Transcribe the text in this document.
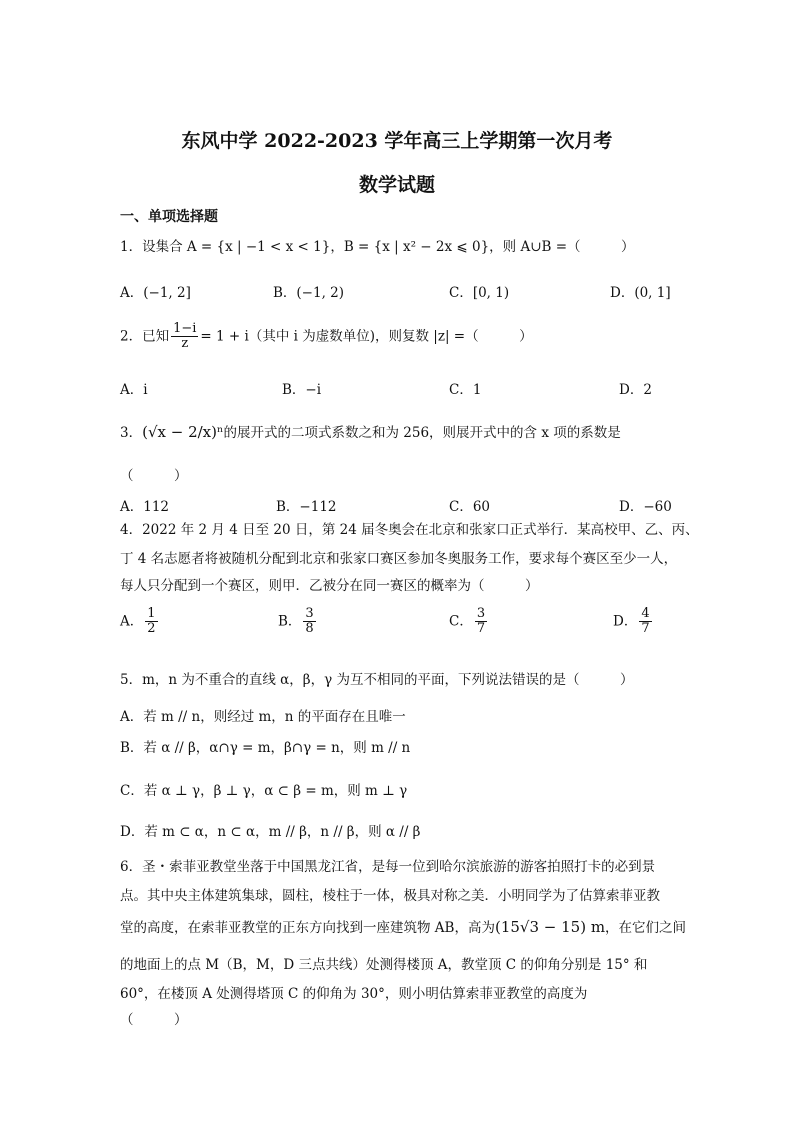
东风中学 2022-2023 学年高三上学期第一次月考
数学试题
一、单项选择题
1．设集合 A = {x | −1 < x < 1}，B = {x | x² − 2x ⩽ 0}，则 A∪B =（　　　）
A．(−1, 2]	B．(−1, 2)	C．[0, 1)	D．(0, 1]
2．已知 $\frac{1-i}{z} = 1 + i$（其中 i 为虚数单位)，则复数 |z| =（　　　）
A．i	B．−i	C．1	D．2
3．(√x − 2/x)ⁿ的展开式的二项式系数之和为 256，则展开式中的含 x 项的系数是
（　　　）
A．112	B．−112	C．60	D．−60
4．2022 年 2 月 4 日至 20 日，第 24 届冬奥会在北京和张家口正式举行．某高校甲、乙、丙、
丁 4 名志愿者将被随机分配到北京和张家口赛区参加冬奥服务工作，要求每个赛区至少一人，
每人只分配到一个赛区，则甲．乙被分在同一赛区的概率为（　　　）
A． $\frac{1}{2}$	B． $\frac{3}{8}$	C． $\frac{3}{7}$	D． $\frac{4}{7}$
5．m，n 为不重合的直线 α，β，γ 为互不相同的平面，下列说法错误的是（　　　）
A．若 m // n，则经过 m，n 的平面存在且唯一
B．若 α // β，α∩γ = m，β∩γ = n，则 m // n
C．若 α ⊥ γ，β ⊥ γ，α ⊂ β = m，则 m ⊥ γ
D．若 m ⊂ α，n ⊂ α，m // β，n // β，则 α // β
6．圣・索菲亚教堂坐落于中国黑龙江省，是每一位到哈尔滨旅游的游客拍照打卡的必到景
点。其中央主体建筑集球，圆柱，棱柱于一体，极具对称之美．小明同学为了估算索菲亚教
堂的高度，在索菲亚教堂的正东方向找到一座建筑物 AB，高为(15√3 − 15) m，在它们之间
的地面上的点 M（B，M，D 三点共线）处测得楼顶 A，教堂顶 C 的仰角分别是 15° 和
60°，在楼顶 A 处测得塔顶 C 的仰角为 30°，则小明估算索菲亚教堂的高度为
（　　　）
